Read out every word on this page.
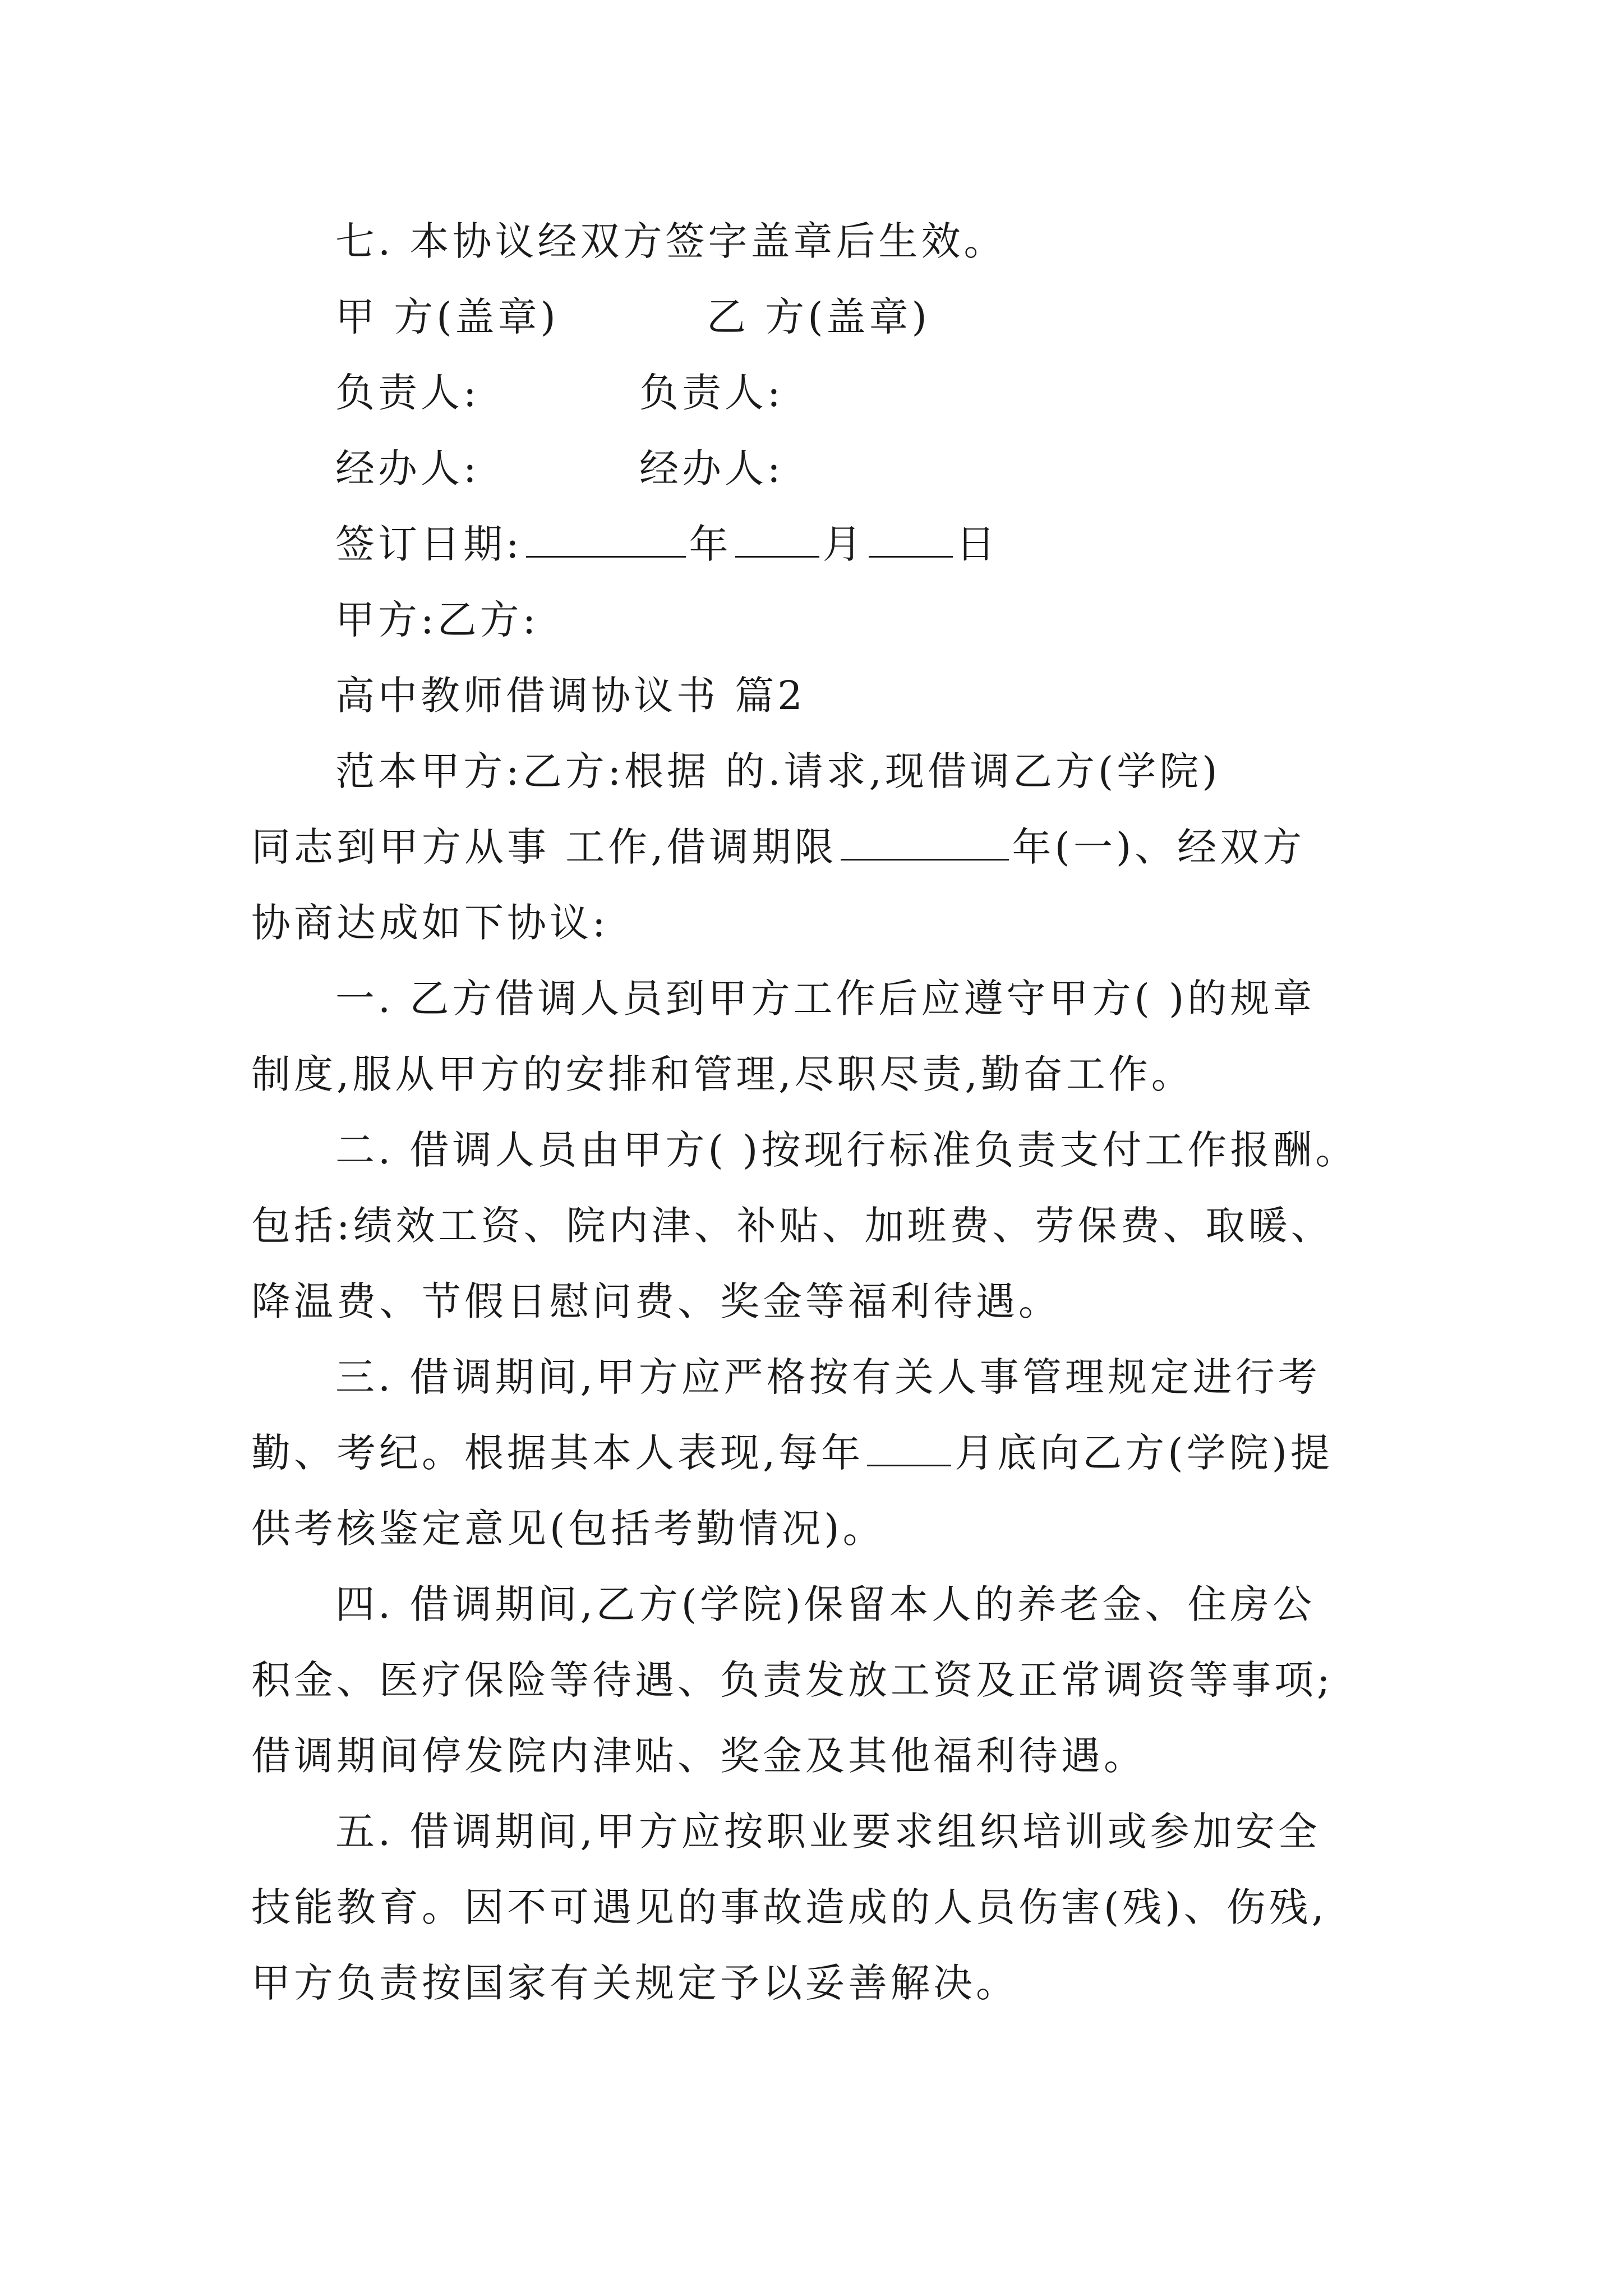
七. 本协议经双方签字盖章后生效。
甲 方(盖章)	乙 方(盖章)
负责人:	负责人:
经办人:	经办人:
签订日期:	年 月 日
甲方:乙方:
高中教师借调协议书 篇2
范本甲方:乙方:根据 的.请求,现借调乙方(学院)
同志到甲方从事 工作,借调期限	年(一)、经双方
协商达成如下协议:
一. 乙方借调人员到甲方工作后应遵守甲方( )的规章
制度,服从甲方的安排和管理,尽职尽责,勤奋工作。
二. 借调人员由甲方( )按现行标准负责支付工作报酬。
包括:绩效工资、院内津、补贴、加班费、劳保费、取暖、
降温费、节假日慰问费、奖金等福利待遇。
三. 借调期间,甲方应严格按有关人事管理规定进行考
勤、考纪。根据其本人表现,每年 月底向乙方(学院)提
供考核鉴定意见(包括考勤情况)。
四. 借调期间,乙方(学院)保留本人的养老金、住房公
积金、医疗保险等待遇、负责发放工资及正常调资等事项;
借调期间停发院内津贴、奖金及其他福利待遇。
五. 借调期间,甲方应按职业要求组织培训或参加安全
技能教育。因不可遇见的事故造成的人员伤害(残)、伤残,
甲方负责按国家有关规定予以妥善解决。
